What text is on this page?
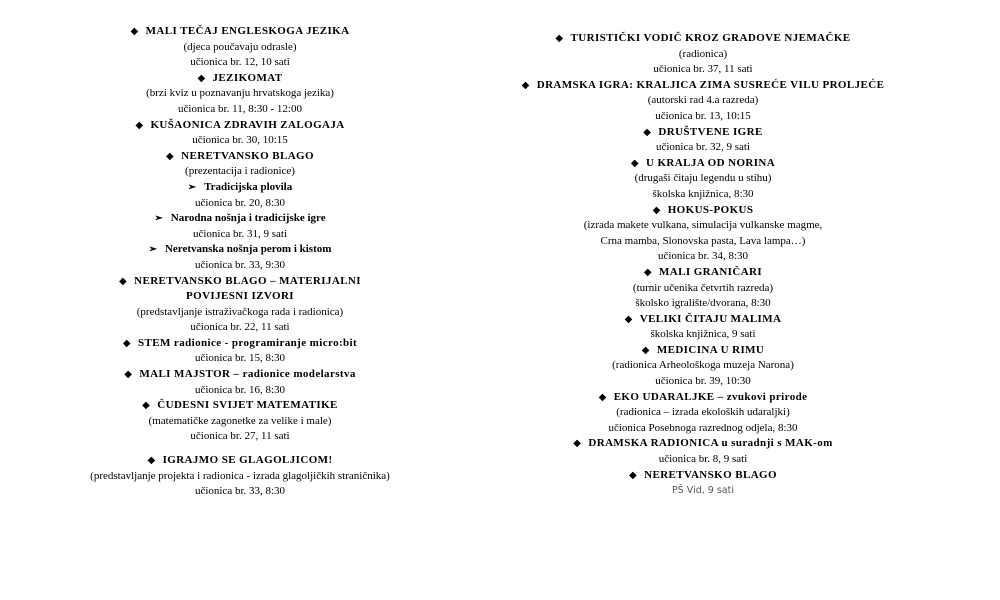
◆ MALI TEČAJ ENGLESKOGA JEZIKA
(djeca poučavaju odrasle)
učionica br. 12, 10 sati
◆ JEZIKOMAT
(brzi kviz u poznavanju hrvatskoga jezika)
učionica br. 11, 8:30 - 12:00
◆ KUŠAONICA ZDRAVIH ZALOGAJA
učionica br. 30, 10:15
◆ NERETVANSKO BLAGO
(prezentacija i radionice)
➢ Tradicijska plovila
učionica br. 20, 8:30
➢ Narodna nošnja i tradicijske igre
učionica br. 31, 9 sati
➢ Neretvanska nošnja perom i kistom
učionica br. 33, 9:30
◆ NERETVANSKO BLAGO – MATERIJALNI
POVIJESNI IZVORI
(predstavljanje istraživačkoga rada i radionica)
učionica br. 22, 11 sati
◆ STEM radionice - programiranje micro:bit
učionica br. 15, 8:30
◆ MALI MAJSTOR – radionice modelarstva
učionica br. 16, 8:30
◆ ČUDESNI SVIJET MATEMATIKE
(matematičke zagonetke za velike i male)
učionica br. 27, 11 sati
◆ IGRAJMO SE GLAGOLJICOM!
(predstavljanje projekta i radionica - izrada glagoljičkih straničnika)
učionica br. 33, 8:30
◆ TURISTIČKI VODIČ KROZ GRADOVE NJEMAČKE
(radionica)
učionica br. 37, 11 sati
◆ DRAMSKA IGRA: KRALJICA ZIMA SUSREĆE VILU PROLJEĆE
(autorski rad 4.a razreda)
učionica br. 13, 10:15
◆ DRUŠTVENE IGRE
učionica br. 32, 9 sati
◆ U KRALJA OD NORINA
(drugaši čitaju legendu u stihu)
školska knjižnica, 8:30
◆ HOKUS-POKUS
(izrada makete vulkana, simulacija vulkanske magme,
Crna mamba, Slonovska pasta, Lava lampa…)
učionica br. 34, 8:30
◆ MALI GRANIČARI
(turnir učenika četvrtih razreda)
školsko igralište/dvorana, 8:30
◆ VELIKI ČITAJU MALIMA
školska knjižnica, 9 sati
◆ MEDICINA U RIMU
(radionica Arheološkoga muzeja Narona)
učionica br. 39, 10:30
◆ EKO UDARALJKE – zvukovi prirode
(radionica – izrada ekoloških udaraljki)
učionica Posebnoga razrednog odjela, 8:30
◆ DRAMSKA RADIONICA u suradnji s MAK-om
učionica br. 8, 9 sati
◆ NERETVANSKO BLAGO
PŠ Vid, 9 sati
